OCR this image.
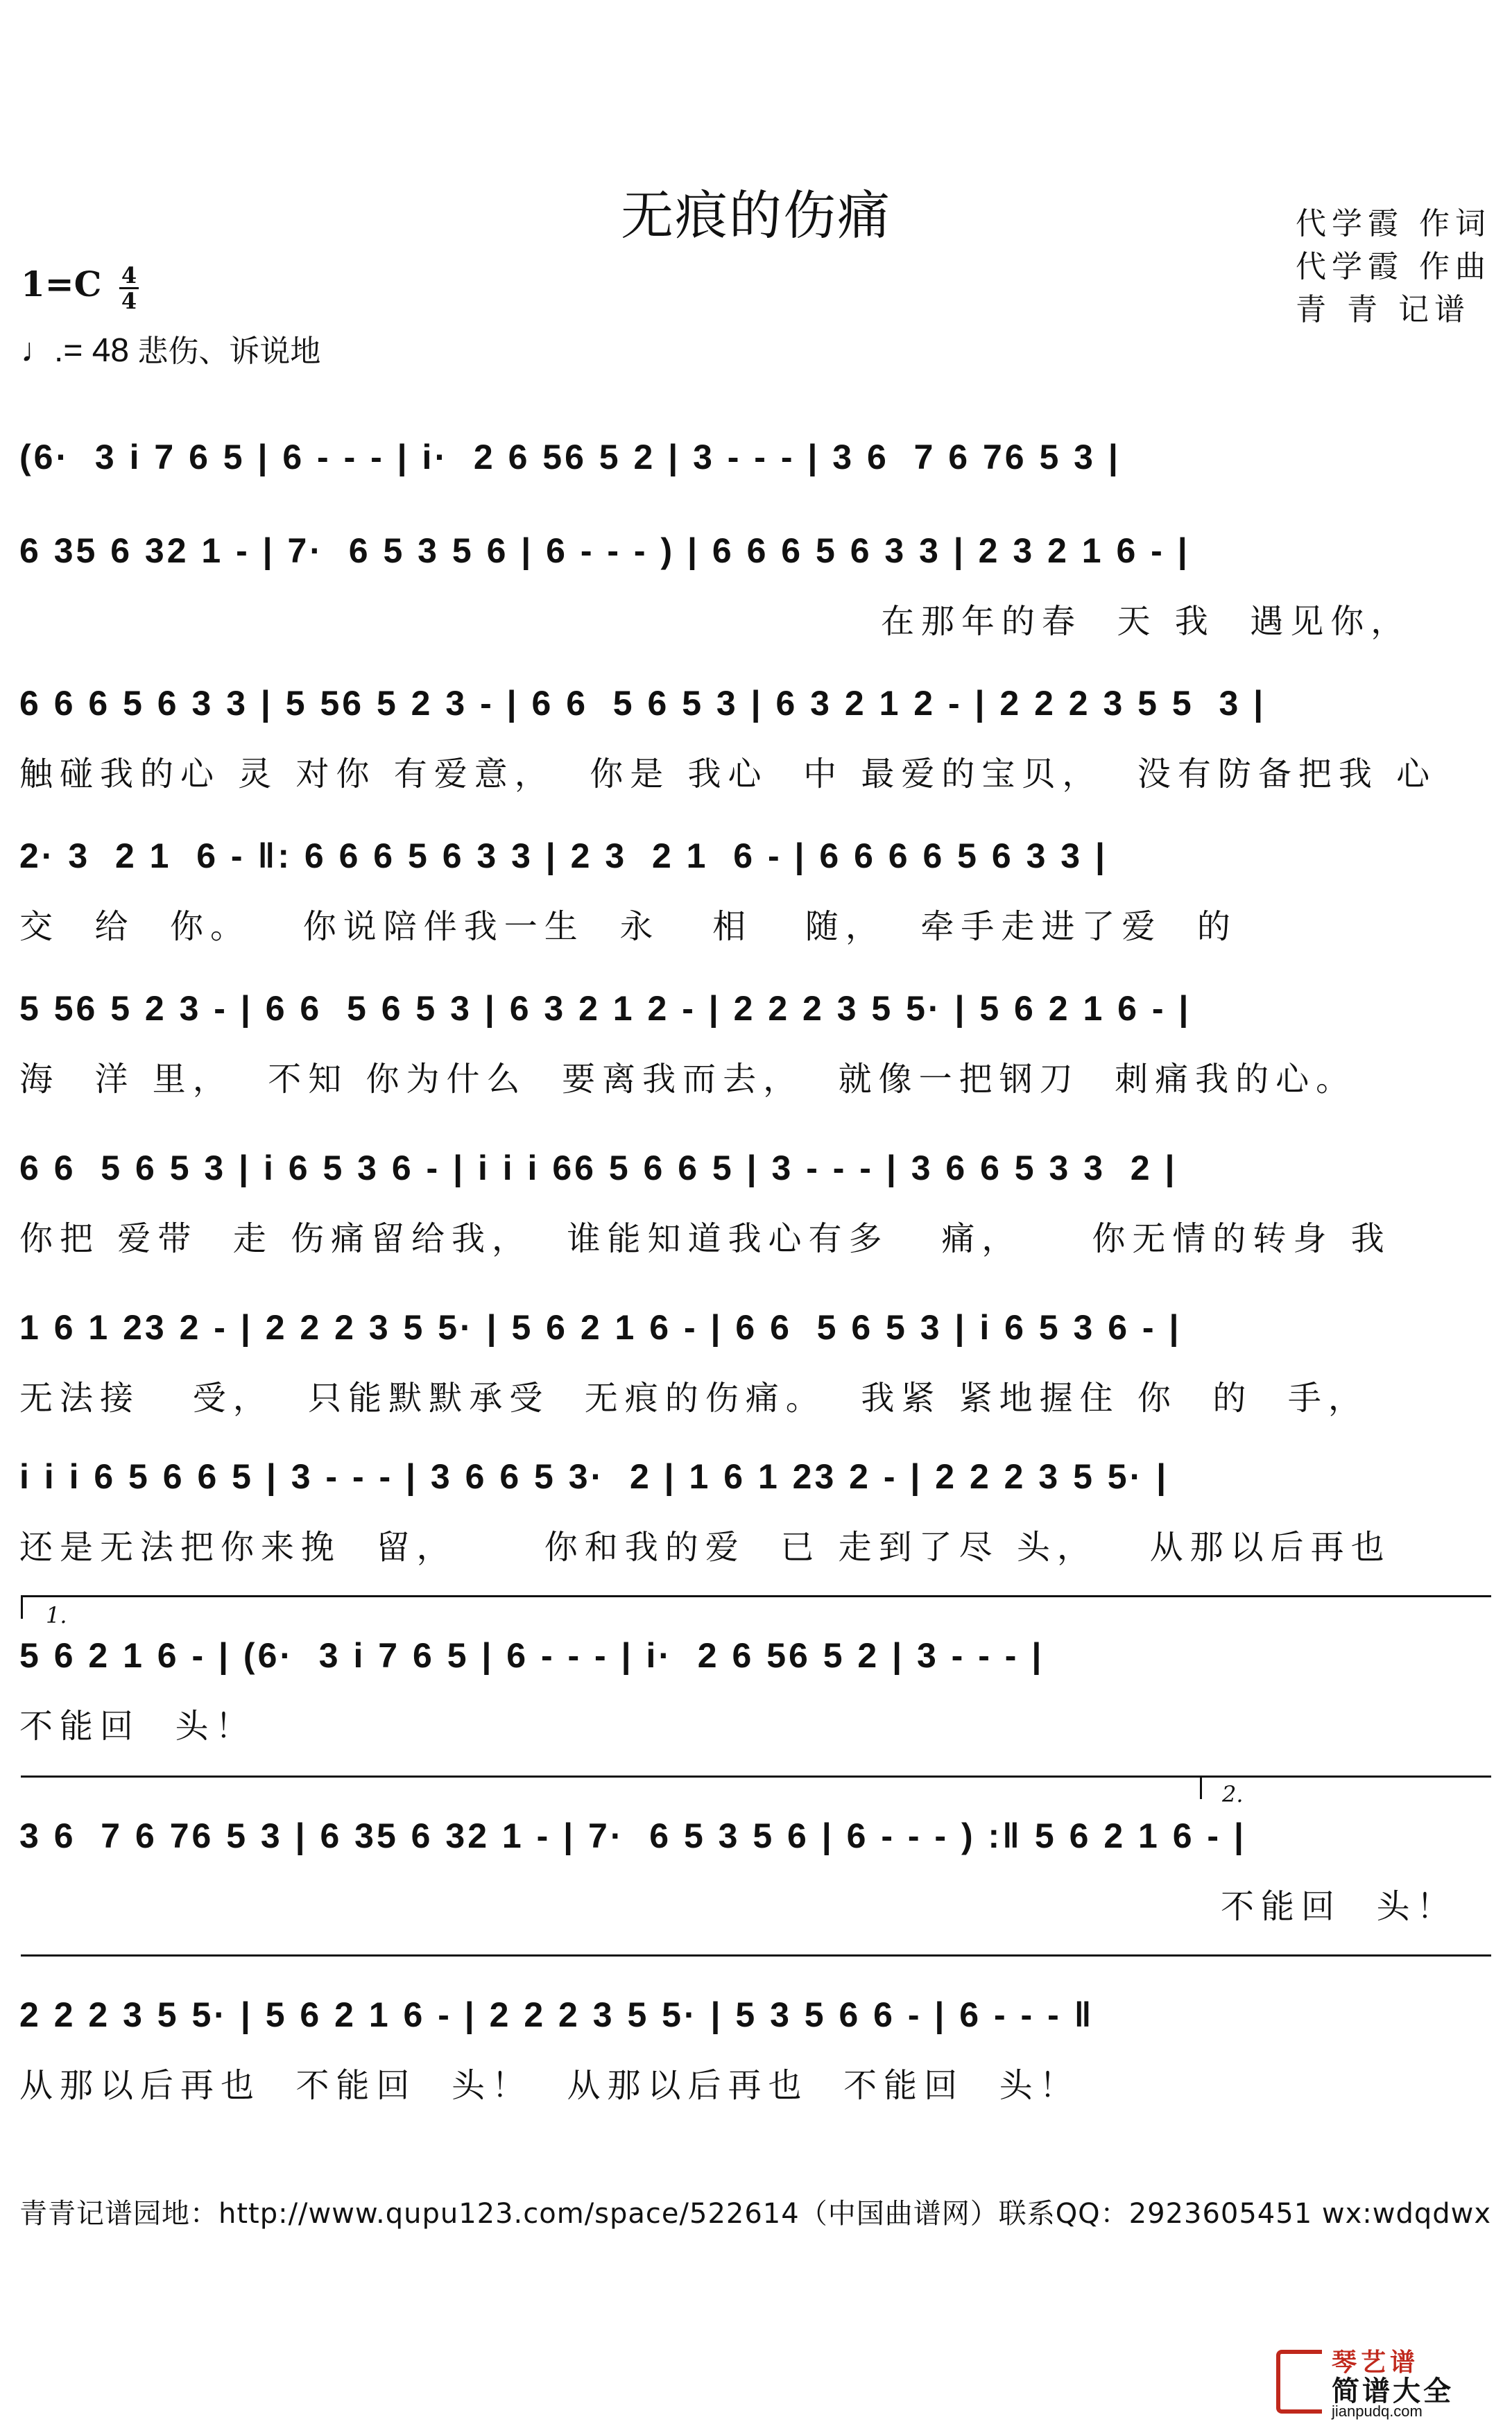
无痕的伤痛	代学霞 作词
代学霞 作曲
青 青 记谱
1=C 4
4
♩.= 48 悲伤、诉说地
(6·  3 i 7 6 5 | 6 - - - | i·  2 6 56 5 2 | 3 - - - | 3 6  7 6 76 5 3 |
6 35 6 32 1 - | 7·  6 5 3 5 6 | 6 - - - ) | 6 6 6 5 6 3 3 | 2 3 2 1 6 - |
在那年的春  天 我  遇见你，
6 6 6 5 6 3 3 | 5 56 5 2 3 - | 6 6  5 6 5 3 | 6 3 2 1 2 - | 2 2 2 3 5 5  3 |
触碰我的心 灵 对你 有爱意，  你是 我心  中 最爱的宝贝，  没有防备把我 心
2· 3  2 1  6 - ‖: 6 6 6 5 6 3 3 | 2 3  2 1  6 - | 6 6 6 6 5 6 3 3 |
交  给  你。   你说陪伴我一生  永   相   随，  牵手走进了爱  的
5 56 5 2 3 - | 6 6  5 6 5 3 | 6 3 2 1 2 - | 2 2 2 3 5 5· | 5 6 2 1 6 - |
海  洋 里，  不知 你为什么  要离我而去，  就像一把钢刀  刺痛我的心。
6 6  5 6 5 3 | i 6 5 3 6 - | i i i 66 5 6 6 5 | 3 - - - | 3 6 6 5 3 3  2 |
你把 爱带  走 伤痛留给我，  谁能知道我心有多   痛，    你无情的转身 我
1 6 1 23 2 - | 2 2 2 3 5 5· | 5 6 2 1 6 - | 6 6  5 6 5 3 | i 6 5 3 6 - |
无法接   受，  只能默默承受  无痕的伤痛。  我紧 紧地握住 你  的  手，
i i i 6 5 6 6 5 | 3 - - - | 3 6 6 5 3·  2 | 1 6 1 23 2 - | 2 2 2 3 5 5· |
还是无法把你来挽  留，     你和我的爱  已 走到了尽 头，   从那以后再也
1.
5 6 2 1 6 - | (6·  3 i 7 6 5 | 6 - - - | i·  2 6 56 5 2 | 3 - - - |
不能回  头！
2.
3 6  7 6 76 5 3 | 6 35 6 32 1 - | 7·  6 5 3 5 6 | 6 - - - ) :‖ 5 6 2 1 6 - |
不能回  头！
2 2 2 3 5 5· | 5 6 2 1 6 - | 2 2 2 3 5 5· | 5 3 5 6 6 - | 6 - - - ‖
从那以后再也  不能回  头！  从那以后再也  不能回  头！
青青记谱园地：http://www.qupu123.com/space/522614（中国曲谱网）联系QQ：2923605451 wx:wdqdwx
琴艺谱
简谱大全
jianpudq.com
